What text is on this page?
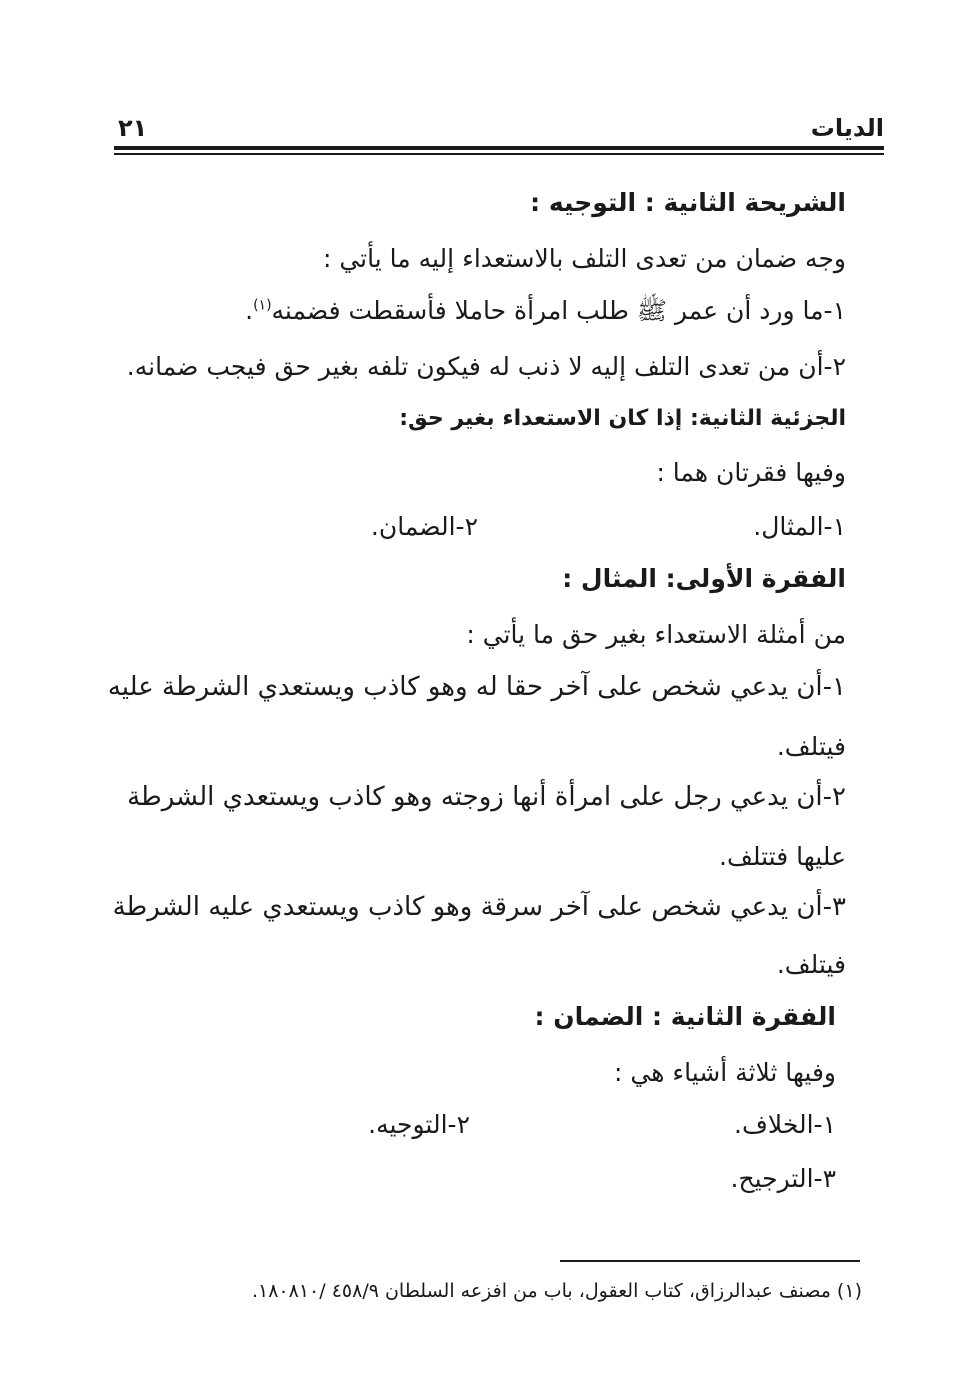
الديات
٢١
الشريحة الثانية : التوجيه :
وجه ضمان من تعدى التلف بالاستعداء إليه ما يأتي :
١-ما ورد أن عمر ﷺ طلب امرأة حاملا فأسقطت فضمنه$^{(١)}$.
٢-أن من تعدى التلف إليه لا ذنب له فيكون تلفه بغير حق فيجب ضمانه.
الجزئية الثانية: إذا كان الاستعداء بغير حق:
وفيها فقرتان هما :
١-المثال.
٢-الضمان.
الفقرة الأولى: المثال :
من أمثلة الاستعداء بغير حق ما يأتي :
١-أن يدعي شخص على آخر حقا له وهو كاذب ويستعدي الشرطة عليه
فيتلف.
٢-أن يدعي رجل على امرأة أنها زوجته وهو كاذب ويستعدي الشرطة
عليها فتتلف.
٣-أن يدعي شخص على آخر سرقة وهو كاذب ويستعدي عليه الشرطة
فيتلف.
الفقرة الثانية : الضمان :
وفيها ثلاثة أشياء هي :
١-الخلاف.
٢-التوجيه.
٣-الترجيح.
(١) مصنف عبدالرزاق، كتاب العقول، باب من افزعه السلطان ٤٥٨/٩ /١٨٠٨١٠.
